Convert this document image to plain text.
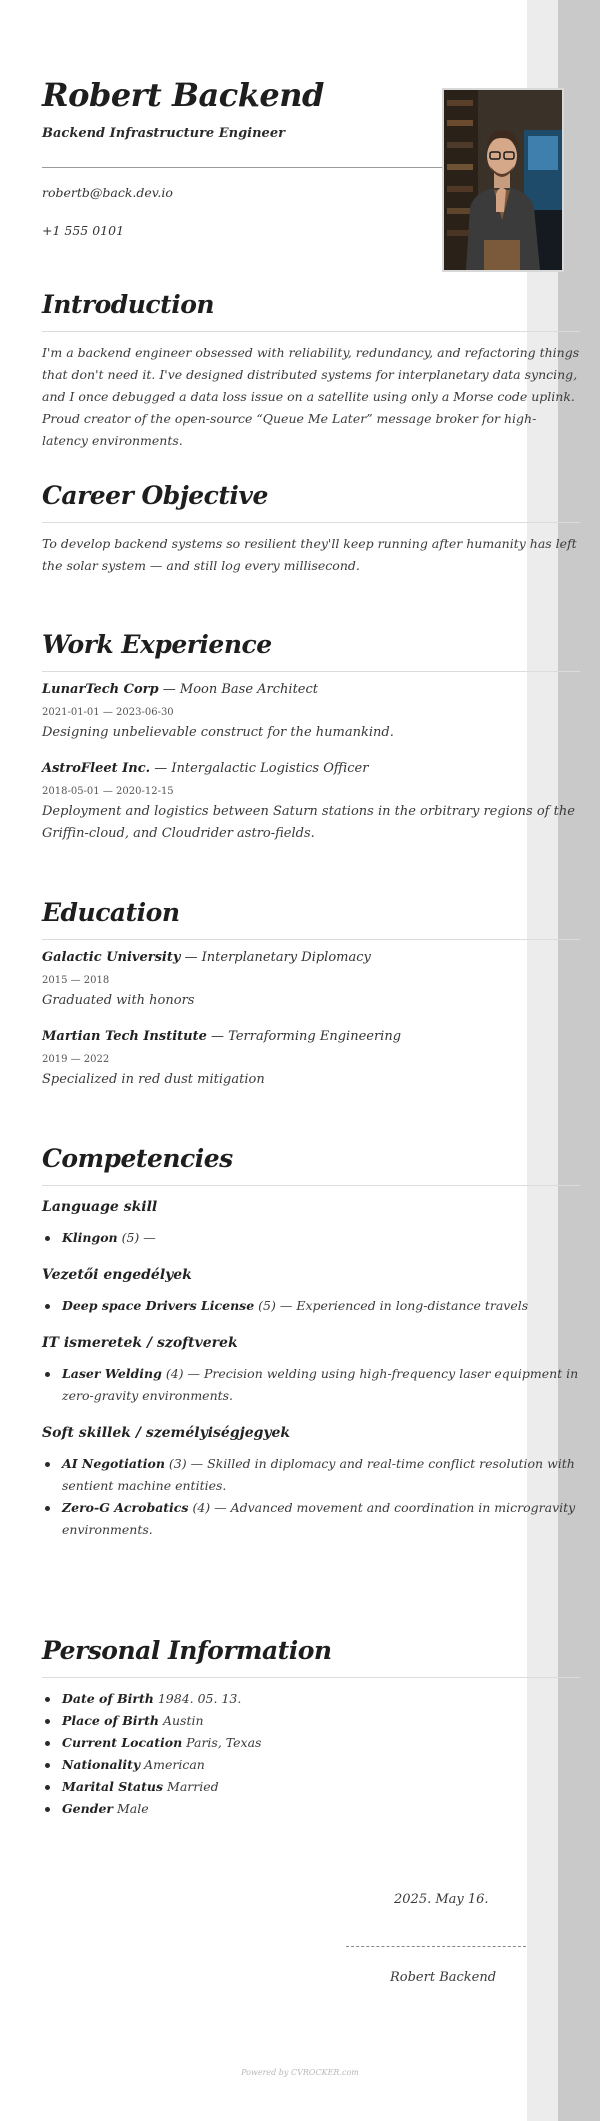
Robert Backend
Backend Infrastructure Engineer
robertb@back.dev.io
+1 555 0101
Introduction

I'm a backend engineer obsessed with reliability, redundancy, and refactoring things that don't need it. I've designed distributed systems for interplanetary data syncing, and I once debugged a data loss issue on a satellite using only a Morse code uplink. Proud creator of the open-source “Queue Me Later” message broker for high-latency environments.

Career Objective

To develop backend systems so resilient they'll keep running after humanity has left the solar system — and still log every millisecond.

Work Experience
LunarTech Corp — Moon Base Architect
2021-01-01 — 2023-06-30
Designing unbelievable construct for the humankind.
AstroFleet Inc. — Intergalactic Logistics Officer
2018-05-01 — 2020-12-15
Deployment and logistics between Saturn stations in the orbitrary regions of the Griffin-cloud, and Cloudrider astro-fields.
Education
Galactic University — Interplanetary Diplomacy
2015 — 2018
Graduated with honors
Martian Tech Institute — Terraforming Engineering
2019 — 2022
Specialized in red dust mitigation
Competencies
Language skill
Klingon (5) —
Vezetői engedélyek
Deep space Drivers License (5) — Experienced in long-distance travels
IT ismeretek / szoftverek
Laser Welding (4) — Precision welding using high-frequency laser equipment in zero-gravity environments.
Soft skillek / személyiségjegyek
AI Negotiation (3) — Skilled in diplomacy and real-time conflict resolution with sentient machine entities.
Zero-G Acrobatics (4) — Advanced movement and coordination in microgravity environments.
Personal Information
Date of Birth 1984. 05. 13.
Place of Birth Austin
Current Location Paris, Texas
Nationality American
Marital Status Married
Gender Male
2025. May 16.
Robert Backend
Powered by CVROCKER.com
